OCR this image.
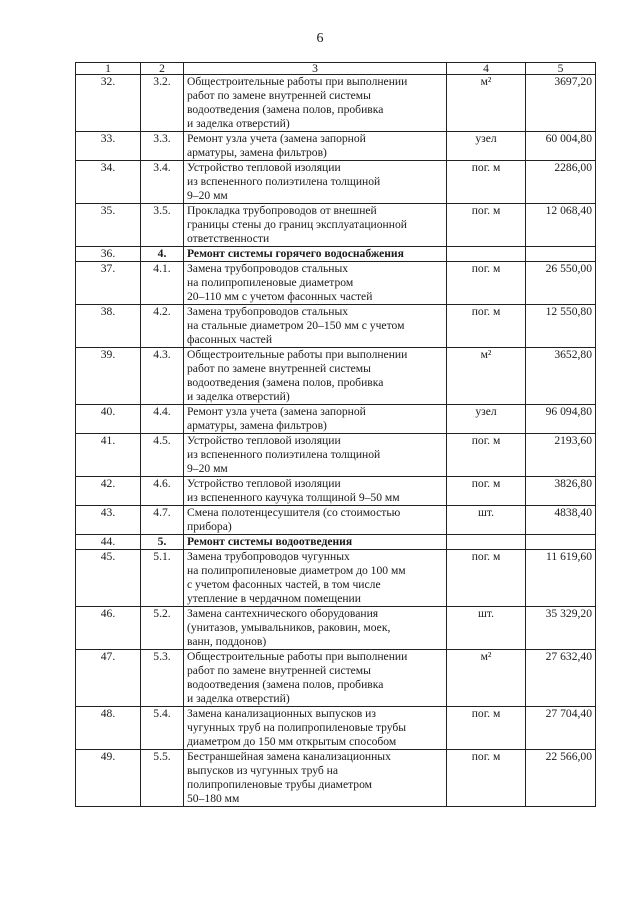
6
1	2	3	4	5
32.	3.2.	Общестроительные работы при выполнении
работ по замене внутренней системы
водоотведения (замена полов, пробивка
и заделка отверстий)	м²	3697,20
33.	3.3.	Ремонт узла учета (замена запорной
арматуры, замена фильтров)	узел	60 004,80
34.	3.4.	Устройство тепловой изоляции
из вспененного полиэтилена толщиной
9–20 мм	пог. м	2286,00
35.	3.5.	Прокладка трубопроводов от внешней
границы стены до границ эксплуатационной
ответственности	пог. м	12 068,40
36.	4.	Ремонт системы горячего водоснабжения		

37.	4.1.	Замена трубопроводов стальных
на полипропиленовые диаметром
20–110 мм с учетом фасонных частей	пог. м	26 550,00
38.	4.2.	Замена трубопроводов стальных
на стальные диаметром 20–150 мм с учетом
фасонных частей	пог. м	12 550,80
39.	4.3.	Общестроительные работы при выполнении
работ по замене внутренней системы
водоотведения (замена полов, пробивка
и заделка отверстий)	м²	3652,80
40.	4.4.	Ремонт узла учета (замена запорной
арматуры, замена фильтров)	узел	96 094,80
41.	4.5.	Устройство тепловой изоляции
из вспененного полиэтилена толщиной
9–20 мм	пог. м	2193,60
42.	4.6.	Устройство тепловой изоляции
из вспененного каучука толщиной 9–50 мм	пог. м	3826,80
43.	4.7.	Смена полотенцесушителя (со стоимостью
прибора)	шт.	4838,40
44.	5.	Ремонт системы водоотведения		

45.	5.1.	Замена трубопроводов чугунных
на полипропиленовые диаметром до 100 мм
с учетом фасонных частей, в том числе
утепление в чердачном помещении	пог. м	11 619,60
46.	5.2.	Замена сантехнического оборудования
(унитазов, умывальников, раковин, моек,
ванн, поддонов)	шт.	35 329,20
47.	5.3.	Общестроительные работы при выполнении
работ по замене внутренней системы
водоотведения (замена полов, пробивка
и заделка отверстий)	м²	27 632,40
48.	5.4.	Замена канализационных выпусков из
чугунных труб на полипропиленовые трубы
диаметром до 150 мм открытым способом	пог. м	27 704,40
49.	5.5.	Бестраншейная замена канализационных
выпусков из чугунных труб на
полипропиленовые трубы диаметром
50–180 мм	пог. м	22 566,00
